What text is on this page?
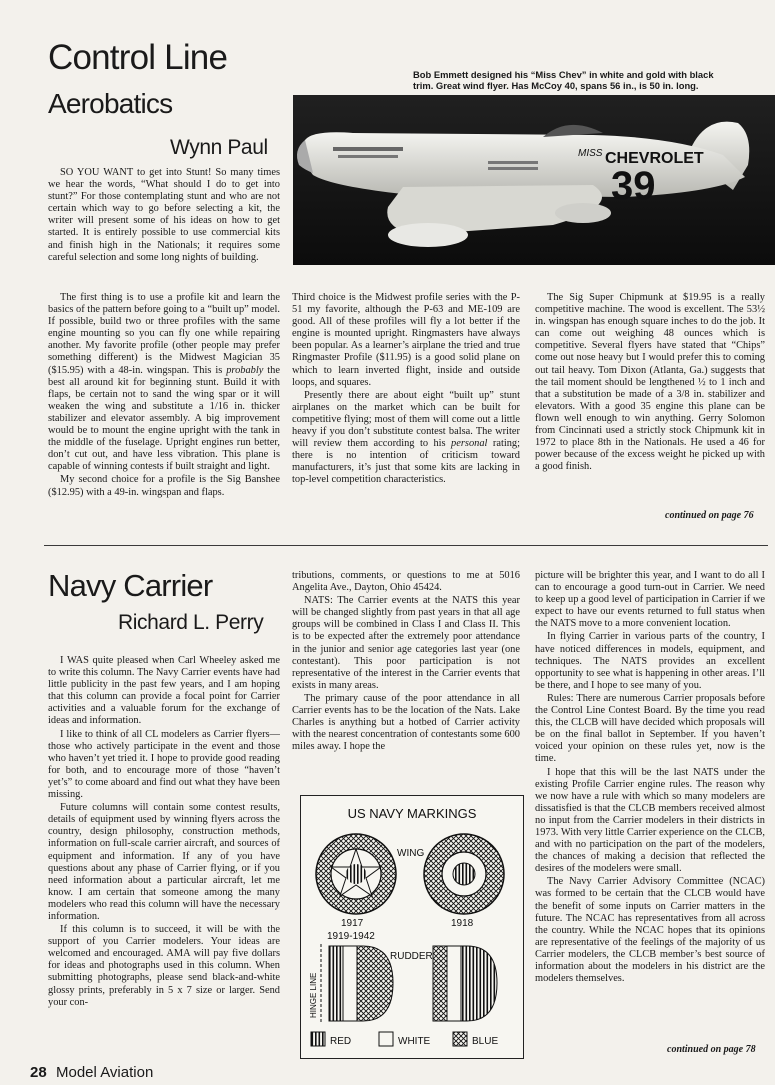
Control Line
Aerobatics
Wynn Paul
Bob Emmett designed his “Miss Chev” in white and gold with black trim. Great wind flyer. Has McCoy 40, spans 56 in., is 50 in. long.
MISS CHEVROLET
39

SO YOU WANT to get into Stunt! So many times we hear the words, “What should I do to get into stunt?” For those contemplating stunt and who are not certain which way to go before selecting a kit, the writer will present some of his ideas on how to get started. It is entirely possible to use commercial kits and finish high in the Nationals; it requires some careful selection and some long nights of building.

The first thing is to use a profile kit and learn the basics of the pattern before going to a “built up” model. If possible, build two or three profiles with the same engine mounting so you can fly one while repairing another. My favorite profile (other people may prefer something different) is the Midwest Magician 35 ($15.95) with a 48-in. wingspan. This is probably the best all around kit for beginning stunt. Build it with flaps, be certain not to sand the wing spar or it will weaken the wing and substitute a 1/16 in. thicker stabilizer and elevator assembly. A big improvement would be to mount the engine upright with the tank in the middle of the fuselage. Upright engines run better, don’t cut out, and have less vibration. This plane is capable of winning contests if built straight and light.

My second choice for a profile is the Sig Banshee ($12.95) with a 49-in. wingspan and flaps.

Third choice is the Midwest profile series with the P-51 my favorite, although the P-63 and ME-109 are good. All of these profiles will fly a lot better if the engine is mounted upright. Ringmasters have always been popular. As a learner’s airplane the tried and true Ringmaster Profile ($11.95) is a good solid plane on which to learn inverted flight, inside and outside loops, and squares.

Presently there are about eight “built up” stunt airplanes on the market which can be built for competitive flying; most of them will come out a little heavy if you don’t substitute contest balsa. The writer will review them according to his personal rating; there is no intention of criticism toward manufacturers, it’s just that some kits are lacking in top-level competition characteristics.

The Sig Super Chipmunk at $19.95 is a really competitive machine. The wood is excellent. The 53½ in. wingspan has enough square inches to do the job. It can come out weighing 48 ounces which is competitive. Several flyers have stated that “Chips” come out nose heavy but I would prefer this to coming out tail heavy. Tom Dixon (Atlanta, Ga.) suggests that the tail moment should be lengthened ½ to 1 inch and that a substitution be made of a 3/8 in. stabilizer and elevators. With a good 35 engine this plane can be flown well enough to win anything. Gerry Solomon from Cincinnati used a strictly stock Chipmunk kit in 1972 to place 8th in the Nationals. He used a 46 for power because of the excess weight he picked up with a good finish.

continued on page 76
Navy Carrier
Richard L. Perry

I WAS quite pleased when Carl Wheeley asked me to write this column. The Navy Carrier events have had little publicity in the past few years, and I am hoping that this column can provide a focal point for Carrier activities and a valuable forum for the exchange of ideas and information.

I like to think of all CL modelers as Carrier flyers—those who actively participate in the event and those who haven’t yet tried it. I hope to provide good reading for both, and to encourage more of those “haven’t yet’s” to come aboard and find out what they have been missing.

Future columns will contain some contest results, details of equipment used by winning flyers across the country, design philosophy, construction methods, information on full-scale carrier aircraft, and sources of equipment and information. If any of you have questions about any phase of Carrier flying, or if you need information about a particular aircraft, let me know. I am certain that someone among the many modelers who read this column will have the necessary information.

If this column is to succeed, it will be with the support of you Carrier modelers. Your ideas are welcomed and encouraged. AMA will pay five dollars for ideas and photographs used in this column. When submitting photographs, please send black-and-white glossy prints, preferably in 5 x 7 size or larger. Send your con-

tributions, comments, or questions to me at 5016 Angelita Ave., Dayton, Ohio 45424.

NATS: The Carrier events at the NATS this year will be changed slightly from past years in that all age groups will be combined in Class I and Class II. This is to be expected after the extremely poor attendance in the junior and senior age categories last year (one contestant). This poor participation is not representative of the interest in the Carrier events that exists in many areas.

The primary cause of the poor attendance in all Carrier events has to be the location of the Nats. Lake Charles is anything but a hotbed of Carrier activity with the nearest concentration of contestants some 600 miles away. I hope the

US NAVY MARKINGS
WING
1917
1919-1942
1918
RUDDER
HINGE LINE
RED	WHITE	BLUE

picture will be brighter this year, and I want to do all I can to encourage a good turn-out in Carrier. We need to keep up a good level of participation in Carrier if we expect to have our events returned to full status when the NATS move to a more convenient location.

In flying Carrier in various parts of the country, I have noticed differences in models, equipment, and techniques. The NATS provides an excellent opportunity to see what is happening in other areas. I’ll be there, and I hope to see many of you.

Rules: There are numerous Carrier proposals before the Control Line Contest Board. By the time you read this, the CLCB will have decided which proposals will be on the final ballot in September. If you haven’t voiced your opinion on these rules yet, now is the time.

I hope that this will be the last NATS under the existing Profile Carrier engine rules. The reason why we now have a rule with which so many modelers are dissatisfied is that the CLCB members received almost no input from the Carrier modelers in their districts in 1973. With very little Carrier experience on the CLCB, and with no participation on the part of the modelers, the chances of making a decision that reflected the desires of the modelers were small.

The Navy Carrier Advisory Committee (NCAC) was formed to be certain that the CLCB would have the benefit of some inputs on Carrier matters in the future. The NCAC has representatives from all across the country. While the NCAC hopes that its opinions are representative of the feelings of the majority of us Carrier modelers, the CLCB member’s best source of information about the modelers in his district are the modelers themselves.

continued on page 78
28 Model Aviation
